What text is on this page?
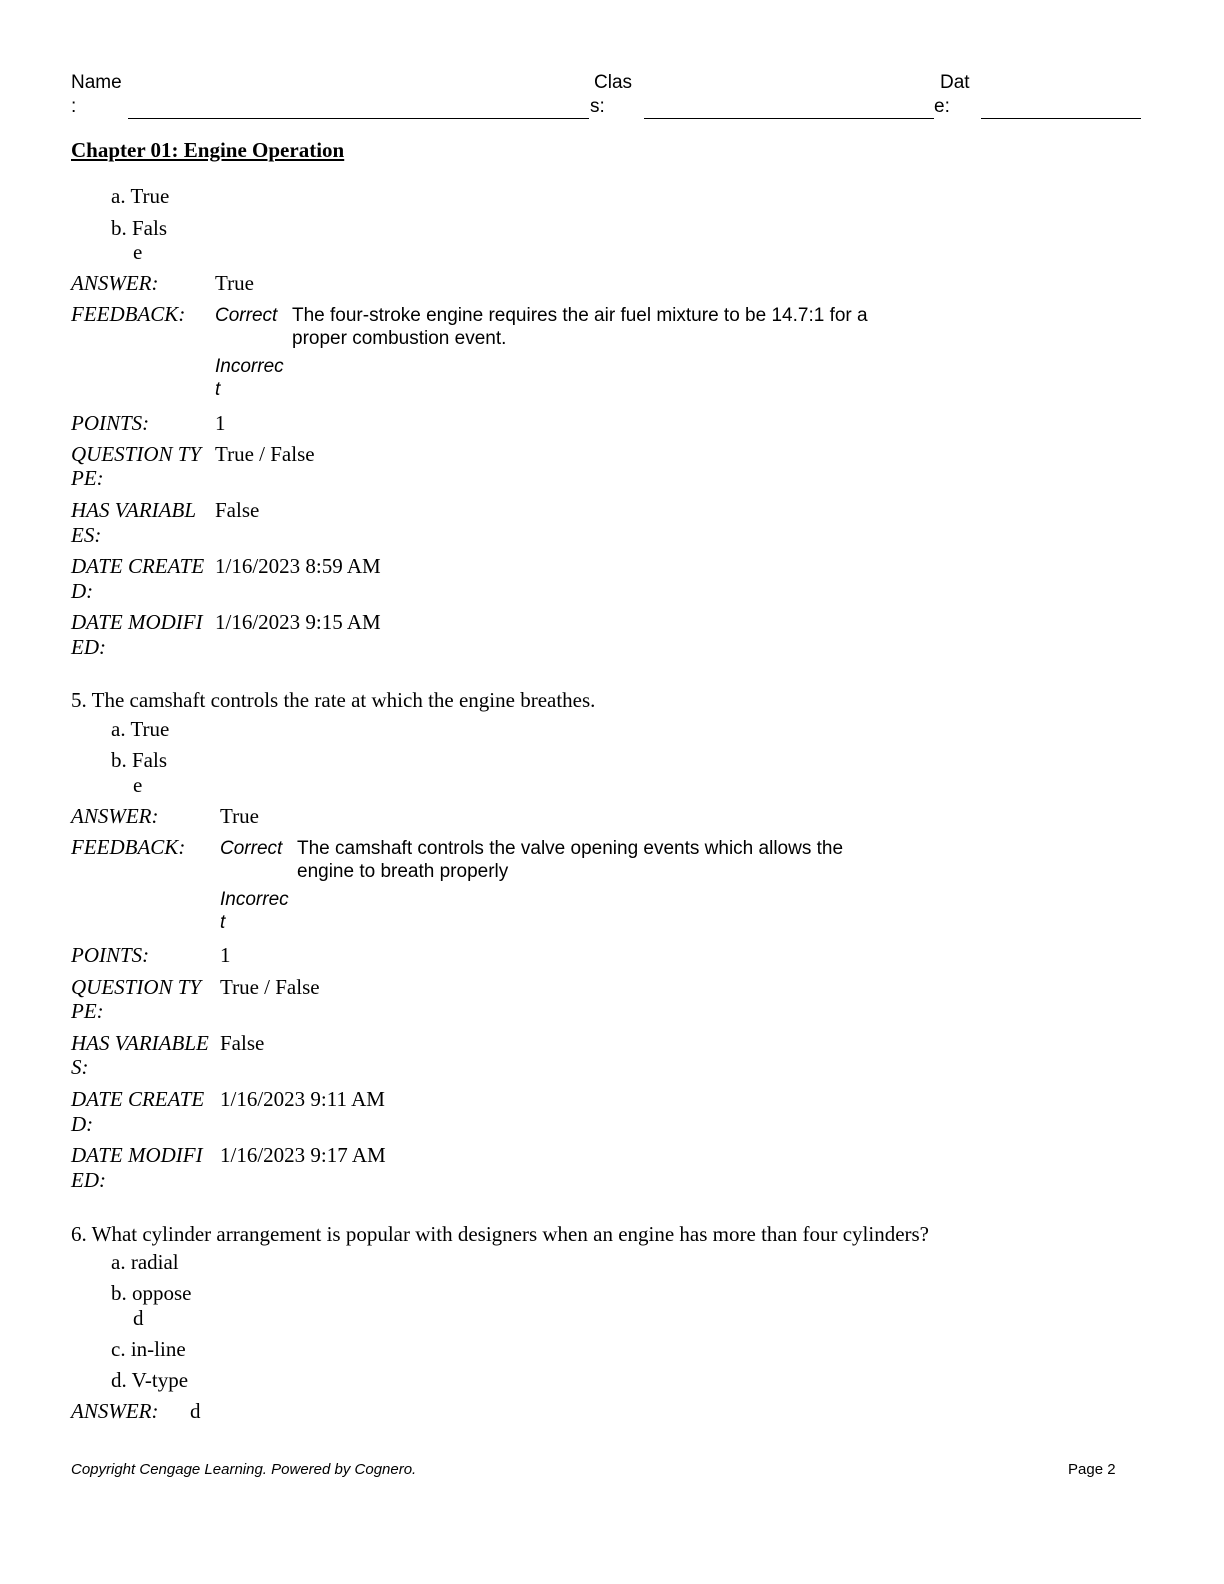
Name
:
Clas
s:
Dat
e:
Chapter 01: Engine Operation
a. True
b. Fals
e
ANSWER:	True
FEEDBACK: Correct The four-stroke engine requires the air fuel mixture to be 14.7:1 for a
proper combustion event.
Incorrec
t
POINTS:	1
QUESTION TY
PE:
True / False
HAS VARIABL
ES:
False
DATE CREATE
D:
1/16/2023 8:59 AM
DATE MODIFI
ED:
1/16/2023 9:15 AM
5. The camshaft controls the rate at which the engine breathes.
a. True
b. Fals
e
ANSWER:	True
FEEDBACK: Correct The camshaft controls the valve opening events which allows the
engine to breath properly
Incorrec
t
POINTS:	1
QUESTION TY
PE:
True / False
HAS VARIABLE
S:
False
DATE CREATE
D:
1/16/2023 9:11 AM
DATE MODIFI
ED:
1/16/2023 9:17 AM
6. What cylinder arrangement is popular with designers when an engine has more than four cylinders?
a. radial
b. oppose
d
c. in-line
d. V-type
ANSWER: d
Copyright Cengage Learning. Powered by Cognero.	Page 2
